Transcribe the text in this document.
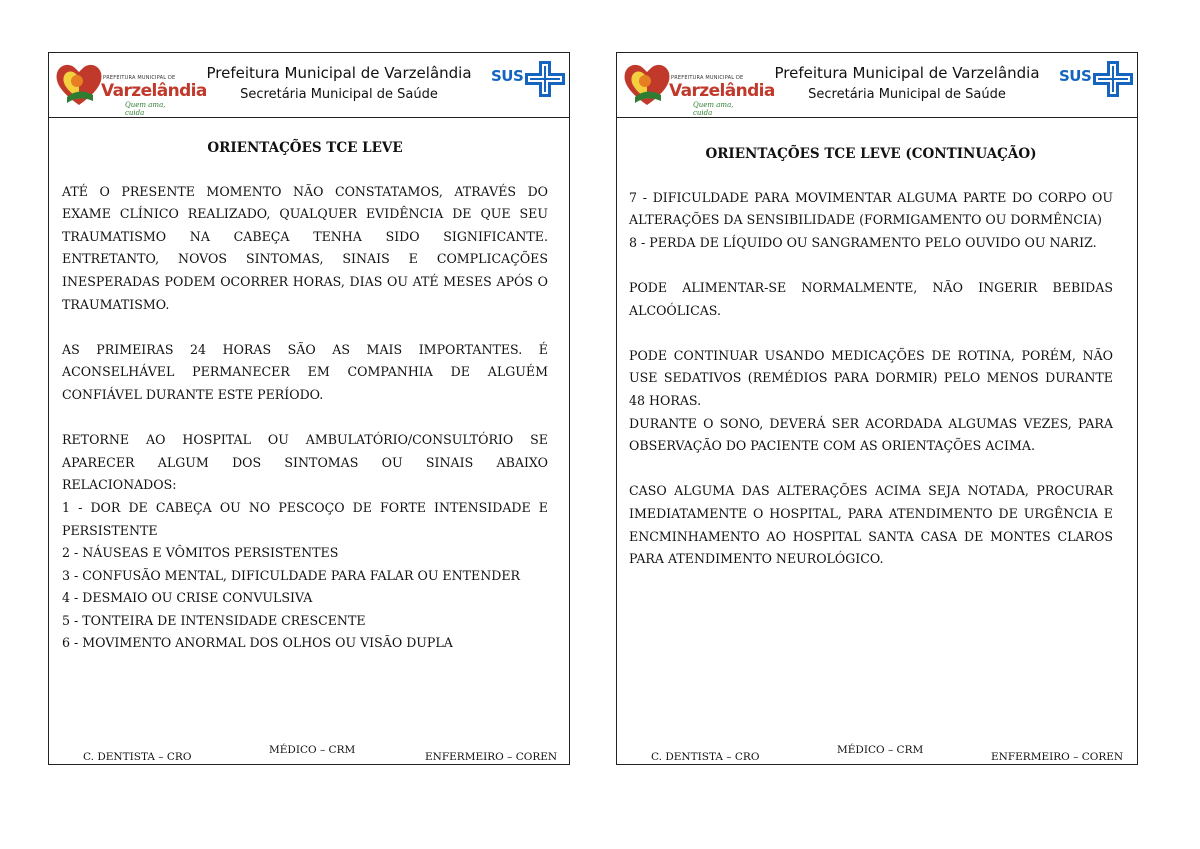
PREFEITURA MUNICIPAL DE
Varzelândia
Quem ama, cuida
Prefeitura Municipal de Varzelândia
Secretária Municipal de Saúde
SUS
ORIENTAÇÕES TCE LEVE

ATÉ O PRESENTE MOMENTO NÃO CONSTATAMOS, ATRAVÉS DO EXAME CLÍNICO REALIZADO, QUALQUER EVIDÊNCIA DE QUE SEU TRAUMATISMO NA CABEÇA TENHA SIDO SIGNIFICANTE. ENTRETANTO, NOVOS SINTOMAS, SINAIS E COMPLICAÇÕES INESPERADAS PODEM OCORRER HORAS, DIAS OU ATÉ MESES APÓS O TRAUMATISMO.

AS PRIMEIRAS 24 HORAS SÃO AS MAIS IMPORTANTES. É ACONSELHÁVEL PERMANECER EM COMPANHIA DE ALGUÉM CONFIÁVEL DURANTE ESTE PERÍODO.

RETORNE AO HOSPITAL OU AMBULATÓRIO/CONSULTÓRIO SE APARECER ALGUM DOS SINTOMAS OU SINAIS ABAIXO RELACIONADOS:

1 - DOR DE CABEÇA OU NO PESCOÇO DE FORTE INTENSIDADE E PERSISTENTE

2 - NÁUSEAS E VÔMITOS PERSISTENTES

3 - CONFUSÃO MENTAL, DIFICULDADE PARA FALAR OU ENTENDER

4 - DESMAIO OU CRISE CONVULSIVA

5 - TONTEIRA DE INTENSIDADE CRESCENTE

6 - MOVIMENTO ANORMAL DOS OLHOS OU VISÃO DUPLA

C. DENTISTA – CRO
MÉDICO – CRM
ENFERMEIRO – COREN
PREFEITURA MUNICIPAL DE
Varzelândia
Quem ama, cuida
Prefeitura Municipal de Varzelândia
Secretária Municipal de Saúde
SUS
ORIENTAÇÕES TCE LEVE (CONTINUAÇÃO)

7 - DIFICULDADE PARA MOVIMENTAR ALGUMA PARTE DO CORPO OU ALTERAÇÕES DA SENSIBILIDADE (FORMIGAMENTO OU DORMÊNCIA)

8 - PERDA DE LÍQUIDO OU SANGRAMENTO PELO OUVIDO OU NARIZ.

PODE ALIMENTAR-SE NORMALMENTE, NÃO INGERIR BEBIDAS ALCOÓLICAS.

PODE CONTINUAR USANDO MEDICAÇÕES DE ROTINA, PORÉM, NÃO USE SEDATIVOS (REMÉDIOS PARA DORMIR) PELO MENOS DURANTE 48 HORAS.

DURANTE O SONO, DEVERÁ SER ACORDADA ALGUMAS VEZES, PARA OBSERVAÇÃO DO PACIENTE COM AS ORIENTAÇÕES ACIMA.

CASO ALGUMA DAS ALTERAÇÕES ACIMA SEJA NOTADA, PROCURAR IMEDIATAMENTE O HOSPITAL, PARA ATENDIMENTO DE URGÊNCIA E ENCMINHAMENTO AO HOSPITAL SANTA CASA DE MONTES CLAROS PARA ATENDIMENTO NEUROLÓGICO.

C. DENTISTA – CRO
MÉDICO – CRM
ENFERMEIRO – COREN
